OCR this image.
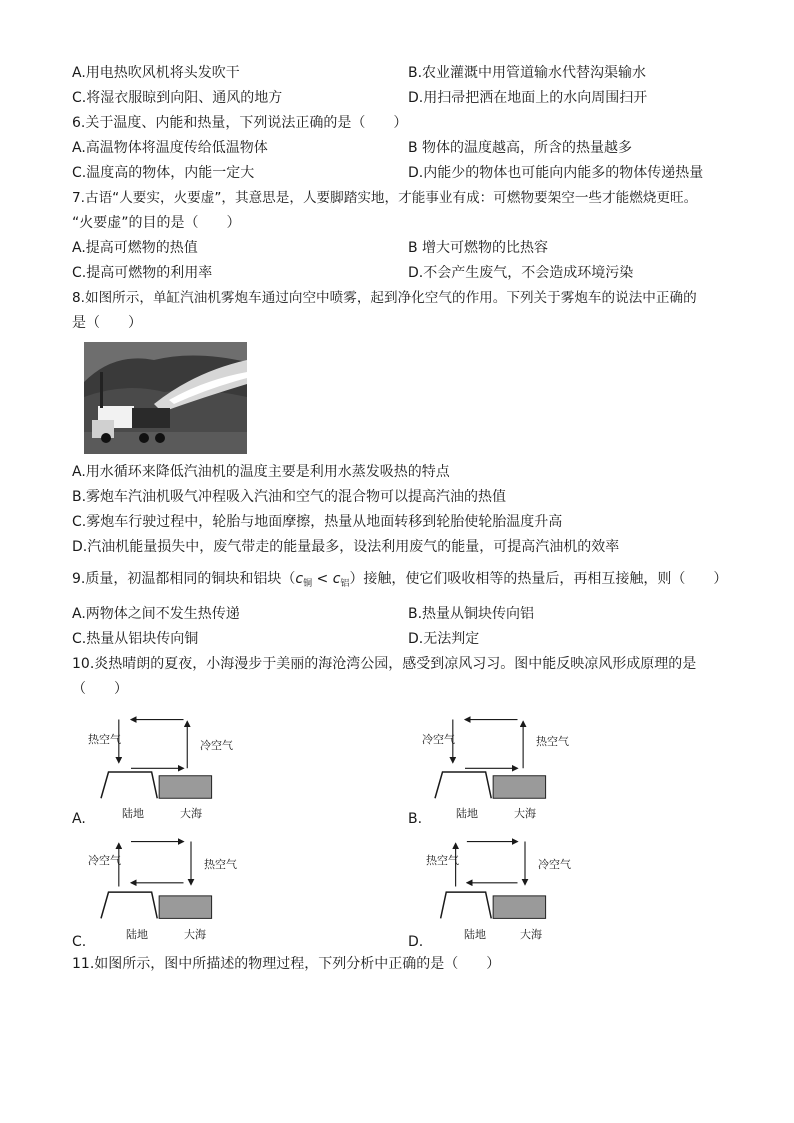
A.用电热吹风机将头发吹干	B.农业灌溉中用管道输水代替沟渠输水
C.将湿衣服晾到向阳、通风的地方	D.用扫帚把洒在地面上的水向周围扫开
6.关于温度、内能和热量，下列说法正确的是（　　）
A.高温物体将温度传给低温物体	B 物体的温度越高，所含的热量越多
C.温度高的物体，内能一定大	D.内能少的物体也可能向内能多的物体传递热量
7.古语“人要实，火要虚”，其意思是，人要脚踏实地，才能事业有成：可燃物要架空一些才能燃烧更旺。
“火要虚”的目的是（　　）
A.提高可燃物的热值	B 增大可燃物的比热容
C.提高可燃物的利用率	D.不会产生废气，不会造成环境污染
8.如图所示，单缸汽油机雾炮车通过向空中喷雾，起到净化空气的作用。下列关于雾炮车的说法中正确的
是（　　）
A.用水循环来降低汽油机的温度主要是利用水蒸发吸热的特点
B.雾炮车汽油机吸气冲程吸入汽油和空气的混合物可以提高汽油的热值
C.雾炮车行驶过程中，轮胎与地面摩擦，热量从地面转移到轮胎使轮胎温度升高
D.汽油机能量损失中，废气带走的能量最多，设法利用废气的能量，可提高汽油机的效率
9.质量，初温都相同的铜块和铝块$(c_铜 < c_铝)$接触，使它们吸收相等的热量后，再相互接触，则（　　）
A.两物体之间不发生热传递	B.热量从铜块传向铝
C.热量从铝块传向铜	D.无法判定
10.炎热晴朗的夏夜，小海漫步于美丽的海沧湾公园，感受到凉风习习。图中能反映凉风形成原理的是
（　　）
A.
热空气	冷空气
陆地	大海	B.
冷空气	热空气
陆地	大海
C.
冷空气	热空气
陆地	大海	D.
热空气	冷空气
陆地	大海
11.如图所示，图中所描述的物理过程，下列分析中正确的是（　　）
